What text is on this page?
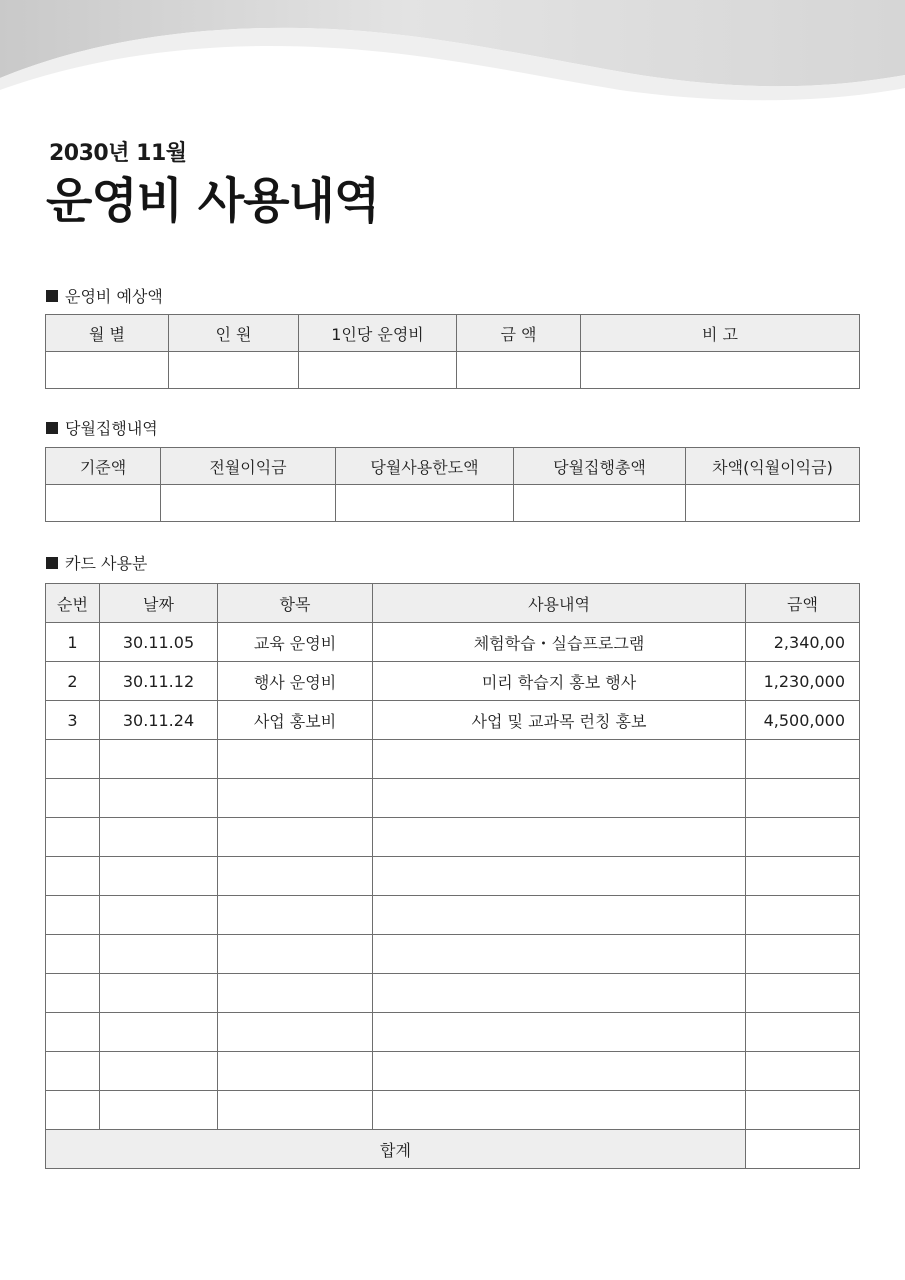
2030년 11월
운영비 사용내역
운영비 예상액
월 별	인 원	1인당 운영비	금 액	비 고

당월집행내역
기준액	전월이익금	당월사용한도액	당월집행총액	차액(익월이익금)

카드 사용분
순번	날짜	항목	사용내역	금액
1	30.11.05	교육 운영비	체험학습・실습프로그램	2,340,00
2	30.11.12	행사 운영비	미리 학습지 홍보 행사	1,230,000
3	30.11.24	사업 홍보비	사업 및 교과목 런칭 홍보	4,500,000

합계				
